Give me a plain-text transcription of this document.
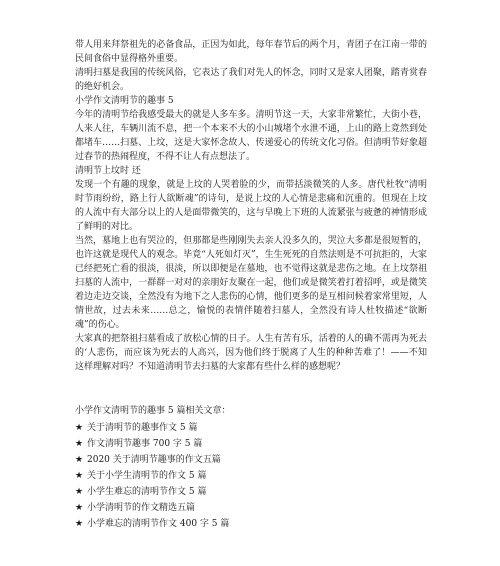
带人用来拜祭祖先的必备食品，正因为如此，每年春节后的两个月，青团子在江南一带的民间食俗中显得格外重要。

清明扫墓是我国的传统风俗，它表达了我们对先人的怀念，同时又是家人团聚，踏青赏春的绝好机会。

小学作文清明节的趣事 5

今年的清明节给我感受最大的就是人多车多。清明节这一天，大家非常繁忙，大街小巷，人来人往，车辆川流不息，把一个本来不大的小山城堵个水泄不通，上山的路上竟然到处都堵车……扫墓、上坟，这是大家怀念故人、传递爱心的传统文化习俗。但清明节好象超过春节的热闹程度，不得不让人有点想法了。

清明节上坟时 还

发现一个有趣的现象，就是上坟的人哭着脸的少，而带括淡微笑的人多。唐代杜牧“清明时节雨纷纷，路上行人欲断魂”的诗句，是说上坟的人心情是悲痛和沉重的。但现在上坟的人流中有大部分以上的人是面带微笑的，这与早晚上下班的人流紧张与疲惫的神情形成了鲜明的对比。

当然，墓地上也有哭泣的，但那都是些刚刚失去亲人没多久的，哭泣大多都是很短暂的，也许这就是现代人的观念。毕竟“人死如灯灭”，生生死死的自然法则是不可抗拒的，大家已经把死亡看的很淡，很淡，所以即便是在墓地，也不觉得这就是悲伤之地。在上坟祭祖扫墓的人流中，一群群一对对的亲朋好友聚在一起，他们或是微笑着打着招呼，或是微笑着边走边交谈，全然没有为地下之人悲伤的心情，他们更多的是互相问候着家常里短，人情世故，过去未来……总之，愉悦的表情伴随着扫墓人，全然没有诗人杜牧描述“欲断魂”的伤心。

大家真的把祭祖扫墓看成了放松心情的日子。人生有苦有乐，活着的人的确不需再为死去的‘人悲伤，而应该为死去的人高兴，因为他们终于脱离了人生的种种苦难了！——不知这样理解对吗？不知道清明节去扫墓的大家都有些什么样的感想呢？

小学作文清明节的趣事 5 篇相关文章：

★ 关于清明节的趣事作文 5 篇
★ 作文清明节趣事 700 字 5 篇
★ 2020 关于清明节趣事的作文五篇
★ 关于小学生清明节的作文 5 篇
★ 小学生难忘的清明节作文 5 篇
★ 小学清明节的作文精选五篇
★ 小学难忘的清明节作文 400 字 5 篇
